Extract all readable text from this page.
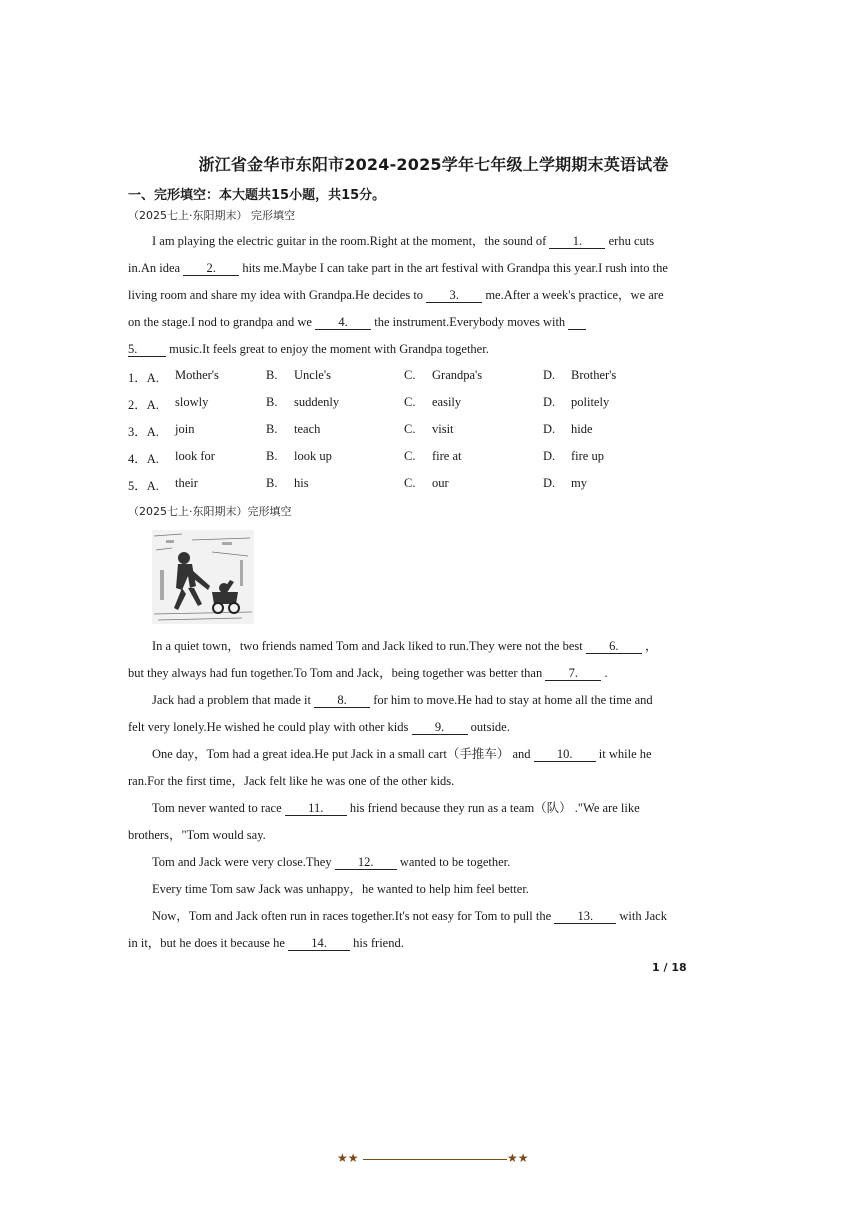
浙江省金华市东阳市2024-2025学年七年级上学期期末英语试卷
一、完形填空：本大题共15小题，共15分。
（2025七上·东阳期末） 完形填空
I am playing the electric guitar in the room.Right at the moment，the sound of 1. erhu cuts
in.An idea 2. hits me.Maybe I can take part in the art festival with Grandpa this year.I rush into the
living room and share my idea with Grandpa.He decides to 3. me.After a week's practice，we are
on the stage.I nod to grandpa and we 4. the instrument.Everybody moves with
5.	music.It feels great to enjoy the moment with Grandpa together.
1．A. Mother's	B. Uncle's	C. Grandpa's	D. Brother's
2．A. slowly	B. suddenly	C. easily	D. politely
3．A. join	B. teach	C. visit	D. hide
4．A. look for	B. look up	C. fire at	D. fire up
5．A. their	B. his	C. our	D. my
（2025七上·东阳期末）完形填空
In a quiet town，two friends named Tom and Jack liked to run.They were not the best 6. ，
but they always had fun together.To Tom and Jack，being together was better than 7. .
Jack had a problem that made it 8. for him to move.He had to stay at home all the time and
felt very lonely.He wished he could play with other kids 9. outside.
One day，Tom had a great idea.He put Jack in a small cart（手推车） and 10. it while he
ran.For the first time，Jack felt like he was one of the other kids.
Tom never wanted to race 11. his friend because they run as a team（队） ."We are like
brothers，"Tom would say.
Tom and Jack were very close.They 12. wanted to be together.
Every time Tom saw Jack was unhappy，he wanted to help him feel better.
Now，Tom and Jack often run in races together.It's not easy for Tom to pull the 13. with Jack
in it，but he does it because he 14. his friend.
1 / 18
★★	★★
